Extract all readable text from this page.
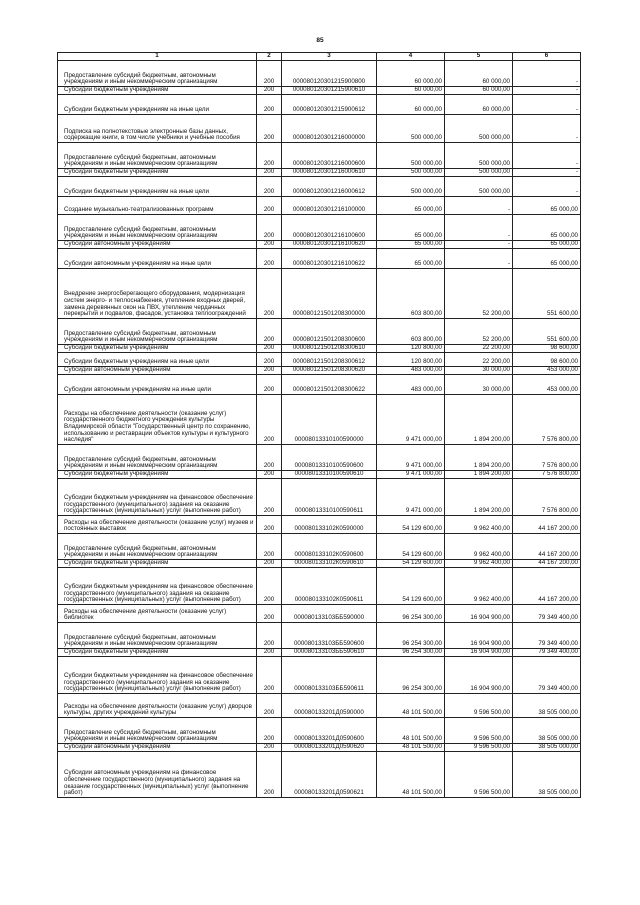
85
1	2	3	4	5	6
Предоставление субсидий бюджетным, автономным учреждениям и иным некоммерческим организациям	200	000080120301215900800	60 000,00	60 000,00	-
Субсидии бюджетным учреждениям	200	000080120301215900610	60 000,00	60 000,00	-
Субсидии бюджетным учреждениям на иные цели	200	000080120301215900612	60 000,00	60 000,00	-
Подписка на полнотекстовые электронные базы данных, содержащие книги, в том числе учебники и учебные пособия	200	000080120301216000000	500 000,00	500 000,00	-
Предоставление субсидий бюджетным, автономным учреждениям и иным некоммерческим организациям	200	000080120301216000600	500 000,00	500 000,00	-
Субсидии бюджетным учреждениям	200	000080120301216000610	500 000,00	500 000,00	-
Субсидии бюджетным учреждениям на иные цели	200	000080120301216000612	500 000,00	500 000,00	-
Создание музыкально-театрализованных программ	200	000080120301216100000	65 000,00	-	65 000,00
Предоставление субсидий бюджетным, автономным учреждениям и иным некоммерческим организациям	200	000080120301216100600	65 000,00	-	65 000,00
Субсидии автономным учреждениям	200	000080120301216100620	65 000,00	-	65 000,00
Субсидии автономным учреждениям на иные цели	200	000080120301216100622	65 000,00	-	65 000,00
Внедрение энергосберегающего оборудования, модернизация систем энерго- и теплоснабжения, утепление входных дверей, замена деревянных окон на ПВХ, утепление чердачных перекрытий и подвалов, фасадов, установка теплоограждений	200	000080121501208300000	603 800,00	52 200,00	551 600,00
Предоставление субсидий бюджетным, автономным учреждениям и иным некоммерческим организациям	200	000080121501208300600	603 800,00	52 200,00	551 600,00
Субсидии бюджетным учреждениям	200	000080121501208300610	120 800,00	22 200,00	98 600,00
Субсидии бюджетным учреждениям на иные цели	200	000080121501208300612	120 800,00	22 200,00	98 600,00
Субсидии автономным учреждениям	200	000080121501208300620	483 000,00	30 000,00	453 000,00
Субсидии автономным учреждениям на иные цели	200	000080121501208300622	483 000,00	30 000,00	453 000,00
Расходы на обеспечение деятельности (оказание услуг) государственного бюджетного учреждения культуры Владимирской области "Государственный центр по сохранению, использованию и реставрации объектов культуры и культурного наследия"	200	00008013310100590000	9 471 000,00	1 894 200,00	7 576 800,00
Предоставление субсидий бюджетным, автономным учреждениям и иным некоммерческим организациям	200	00008013310100590600	9 471 000,00	1 894 200,00	7 576 800,00
Субсидии бюджетным учреждениям	200	00008013310100590610	9 471 000,00	1 894 200,00	7 576 800,00
Субсидии бюджетным учреждениям на финансовое обеспечение государственного (муниципального) задания на оказание государственных (муниципальных) услуг (выполнение работ)	200	00008013310100590611	9 471 000,00	1 894 200,00	7 576 800,00
Расходы на обеспечение деятельности (оказание услуг) музеев и постоянных выставок	200	000080133102К0590000	54 129 600,00	9 962 400,00	44 167 200,00
Предоставление субсидий бюджетным, автономным учреждениям и иным некоммерческим организациям	200	000080133102К0590600	54 129 600,00	9 962 400,00	44 167 200,00
Субсидии бюджетным учреждениям	200	000080133102К0590610	54 129 600,00	9 962 400,00	44 167 200,00
Субсидии бюджетным учреждениям на финансовое обеспечение государственного (муниципального) задания на оказание государственных (муниципальных) услуг (выполнение работ)	200	000080133102К0590611	54 129 600,00	9 962 400,00	44 167 200,00
Расходы на обеспечение деятельности (оказание услуг) библиотек	200	000080133103ББ590000	96 254 300,00	16 904 900,00	79 349 400,00
Предоставление субсидий бюджетным, автономным учреждениям и иным некоммерческим организациям	200	000080133103ББ590600	96 254 300,00	16 904 900,00	79 349 400,00
Субсидии бюджетным учреждениям	200	000080133103ББ590610	96 254 300,00	16 904 900,00	79 349 400,00
Субсидии бюджетным учреждениям на финансовое обеспечение государственного (муниципального) задания на оказание государственных (муниципальных) услуг (выполнение работ)	200	000080133103ББ590611	96 254 300,00	16 904 900,00	79 349 400,00
Расходы на обеспечение деятельности (оказание услуг) дворцов культуры, других учреждений культуры	200	000080133201Д0590000	48 101 500,00	9 596 500,00	38 505 000,00
Предоставление субсидий бюджетным, автономным учреждениям и иным некоммерческим организациям	200	000080133201Д0590600	48 101 500,00	9 596 500,00	38 505 000,00
Субсидии автономным учреждениям	200	000080133201Д0590620	48 101 500,00	9 596 500,00	38 505 000,00
Субсидии автономным учреждениям на финансовое обеспечение государственного (муниципального) задания на оказание государственных (муниципальных) услуг (выполнение работ)	200	000080133201Д0590621	48 101 500,00	9 596 500,00	38 505 000,00
